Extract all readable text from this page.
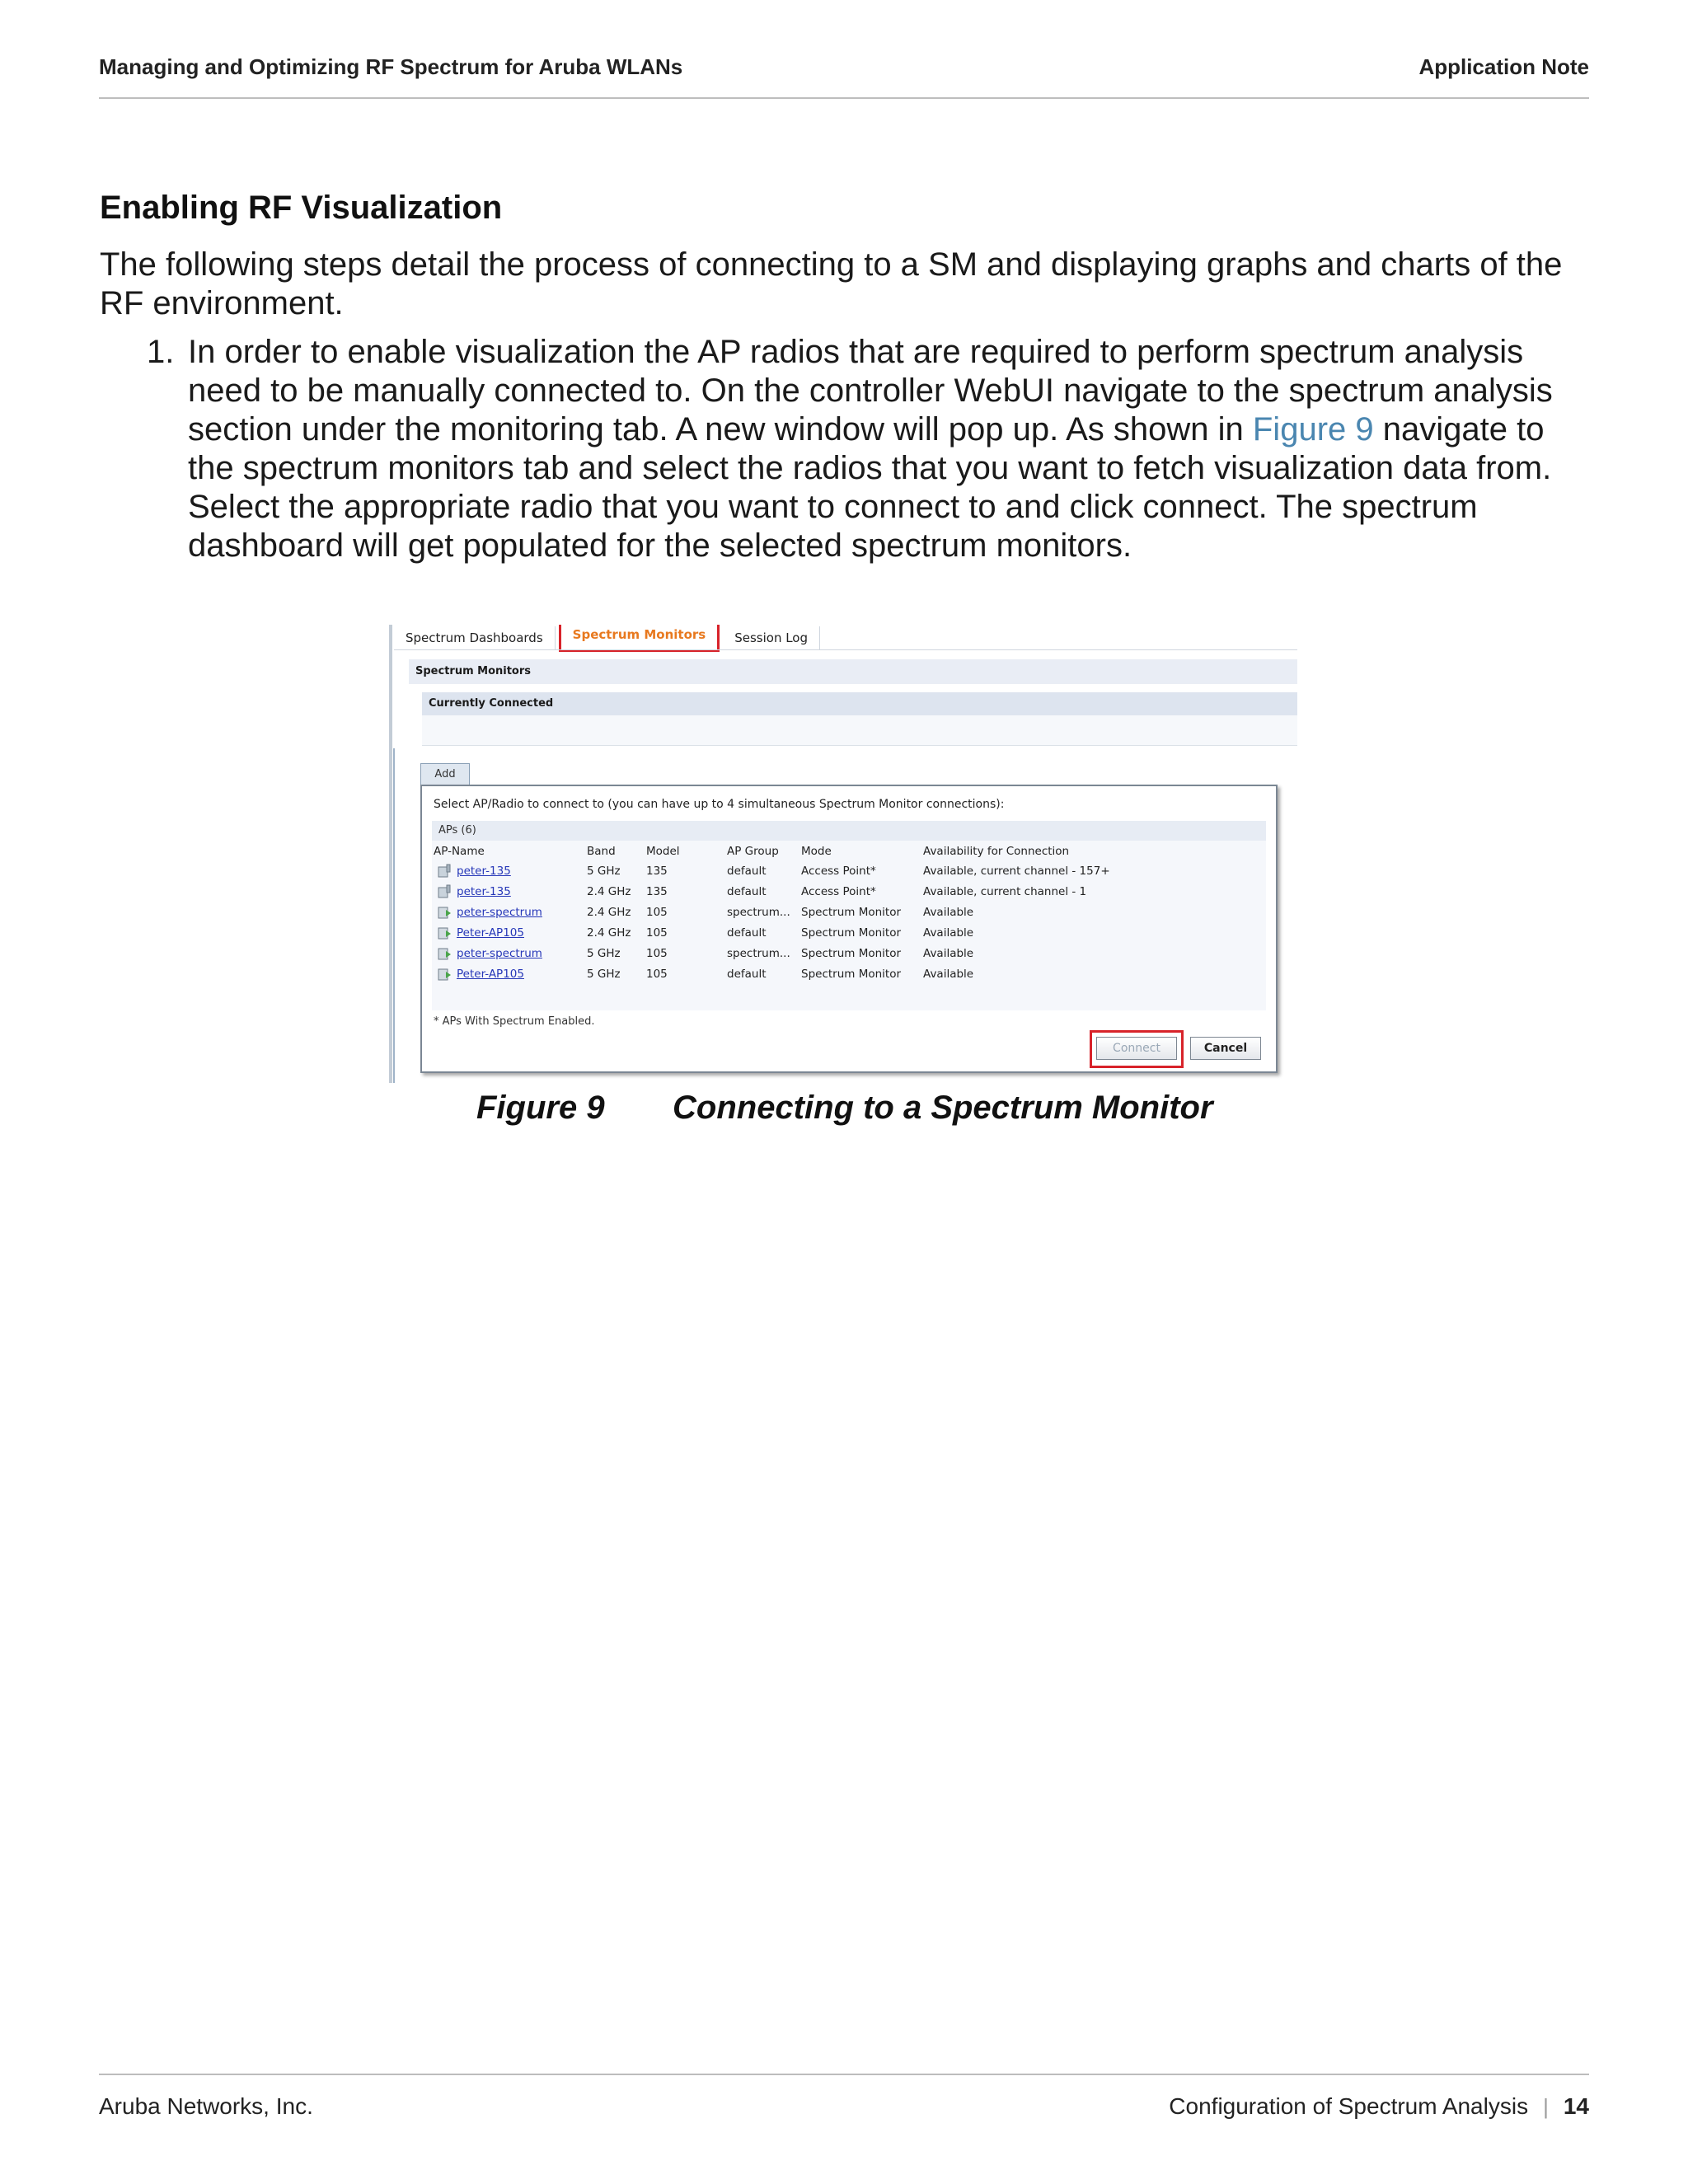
Managing and Optimizing RF Spectrum for Aruba WLANs	Application Note
Enabling RF Visualization
The following steps detail the process of connecting to a SM and displaying graphs and charts of the RF environment.
1. In order to enable visualization the AP radios that are required to perform spectrum analysis need to be manually connected to. On the controller WebUI navigate to the spectrum analysis section under the monitoring tab. A new window will pop up. As shown in Figure 9 navigate to the spectrum monitors tab and select the radios that you want to fetch visualization data from. Select the appropriate radio that you want to connect to and click connect. The spectrum dashboard will get populated for the selected spectrum monitors.
Spectrum Dashboards	Spectrum Monitors	Session Log
Spectrum Monitors
Currently Connected
Add
Select AP/Radio to connect to (you can have up to 4 simultaneous Spectrum Monitor connections):
APs (6)
AP-Name	Band	Model	AP Group	Mode	Availability for Connection
peter-135	5 GHz	135	default	Access Point*	Available, current channel - 157+
peter-135	2.4 GHz	135	default	Access Point*	Available, current channel - 1
peter-spectrum	2.4 GHz	105	spectrum...	Spectrum Monitor	Available
Peter-AP105	2.4 GHz	105	default	Spectrum Monitor	Available
peter-spectrum	5 GHz	105	spectrum...	Spectrum Monitor	Available
Peter-AP105	5 GHz	105	default	Spectrum Monitor	Available
* APs With Spectrum Enabled.
Connect	Cancel
Figure 9 Connecting to a Spectrum Monitor
Aruba Networks, Inc.	Configuration of Spectrum Analysis | 14
